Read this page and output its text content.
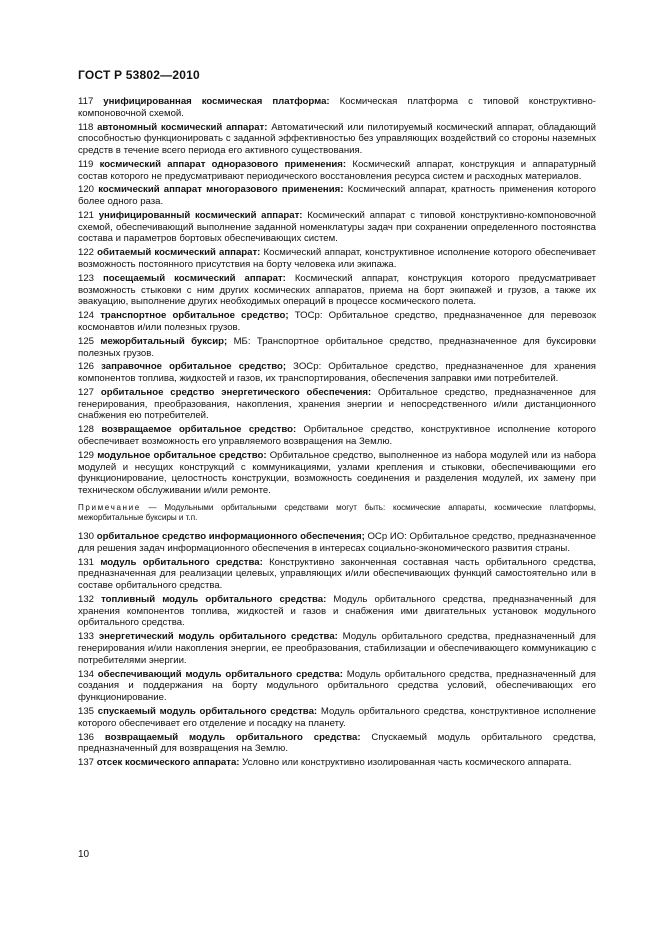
ГОСТ Р 53802—2010
117 унифицированная космическая платформа: Космическая платформа с типовой конструктивно-компоновочной схемой.
118 автономный космический аппарат: Автоматический или пилотируемый космический аппарат, обладающий способностью функционировать с заданной эффективностью без управляющих воздействий со стороны наземных средств в течение всего периода его активного существования.
119 космический аппарат одноразового применения: Космический аппарат, конструкция и аппаратурный состав которого не предусматривают периодического восстановления ресурса систем и расходных материалов.
120 космический аппарат многоразового применения: Космический аппарат, кратность применения которого более одного раза.
121 унифицированный космический аппарат: Космический аппарат с типовой конструктивно-компоновочной схемой, обеспечивающий выполнение заданной номенклатуры задач при сохранении определенного постоянства состава и параметров бортовых обеспечивающих систем.
122 обитаемый космический аппарат: Космический аппарат, конструктивное исполнение которого обеспечивает возможность постоянного присутствия на борту человека или экипажа.
123 посещаемый космический аппарат: Космический аппарат, конструкция которого предусматривает возможность стыковки с ним других космических аппаратов, приема на борт экипажей и грузов, а также их эвакуацию, выполнение других необходимых операций в процессе космического полета.
124 транспортное орбитальное средство; ТОСр: Орбитальное средство, предназначенное для перевозок космонавтов и/или полезных грузов.
125 межорбитальный буксир; МБ: Транспортное орбитальное средство, предназначенное для буксировки полезных грузов.
126 заправочное орбитальное средство; ЗОСр: Орбитальное средство, предназначенное для хранения компонентов топлива, жидкостей и газов, их транспортирования, обеспечения заправки ими потребителей.
127 орбитальное средство энергетического обеспечения: Орбитальное средство, предназначенное для генерирования, преобразования, накопления, хранения энергии и непосредственного и/или дистанционного снабжения ею потребителей.
128 возвращаемое орбитальное средство: Орбитальное средство, конструктивное исполнение которого обеспечивает возможность его управляемого возвращения на Землю.
129 модульное орбитальное средство: Орбитальное средство, выполненное из набора модулей или из набора модулей и несущих конструкций с коммуникациями, узлами крепления и стыковки, обеспечивающими его функционирование, целостность конструкции, возможность соединения и разделения модулей, их замену при техническом обслуживании и/или ремонте.
Примечание — Модульными орбитальными средствами могут быть: космические аппараты, космические платформы, межорбитальные буксиры и т.п.
130 орбитальное средство информационного обеспечения; ОСр ИО: Орбитальное средство, предназначенное для решения задач информационного обеспечения в интересах социально-экономического развития страны.
131 модуль орбитального средства: Конструктивно законченная составная часть орбитального средства, предназначенная для реализации целевых, управляющих и/или обеспечивающих функций самостоятельно или в составе орбитального средства.
132 топливный модуль орбитального средства: Модуль орбитального средства, предназначенный для хранения компонентов топлива, жидкостей и газов и снабжения ими двигательных установок модульного орбитального средства.
133 энергетический модуль орбитального средства: Модуль орбитального средства, предназначенный для генерирования и/или накопления энергии, ее преобразования, стабилизации и обеспечивающего коммуникацию с потребителями энергии.
134 обеспечивающий модуль орбитального средства: Модуль орбитального средства, предназначенный для создания и поддержания на борту модульного орбитального средства условий, обеспечивающих его функционирование.
135 спускаемый модуль орбитального средства: Модуль орбитального средства, конструктивное исполнение которого обеспечивает его отделение и посадку на планету.
136 возвращаемый модуль орбитального средства: Спускаемый модуль орбитального средства, предназначенный для возвращения на Землю.
137 отсек космического аппарата: Условно или конструктивно изолированная часть космического аппарата.
10
